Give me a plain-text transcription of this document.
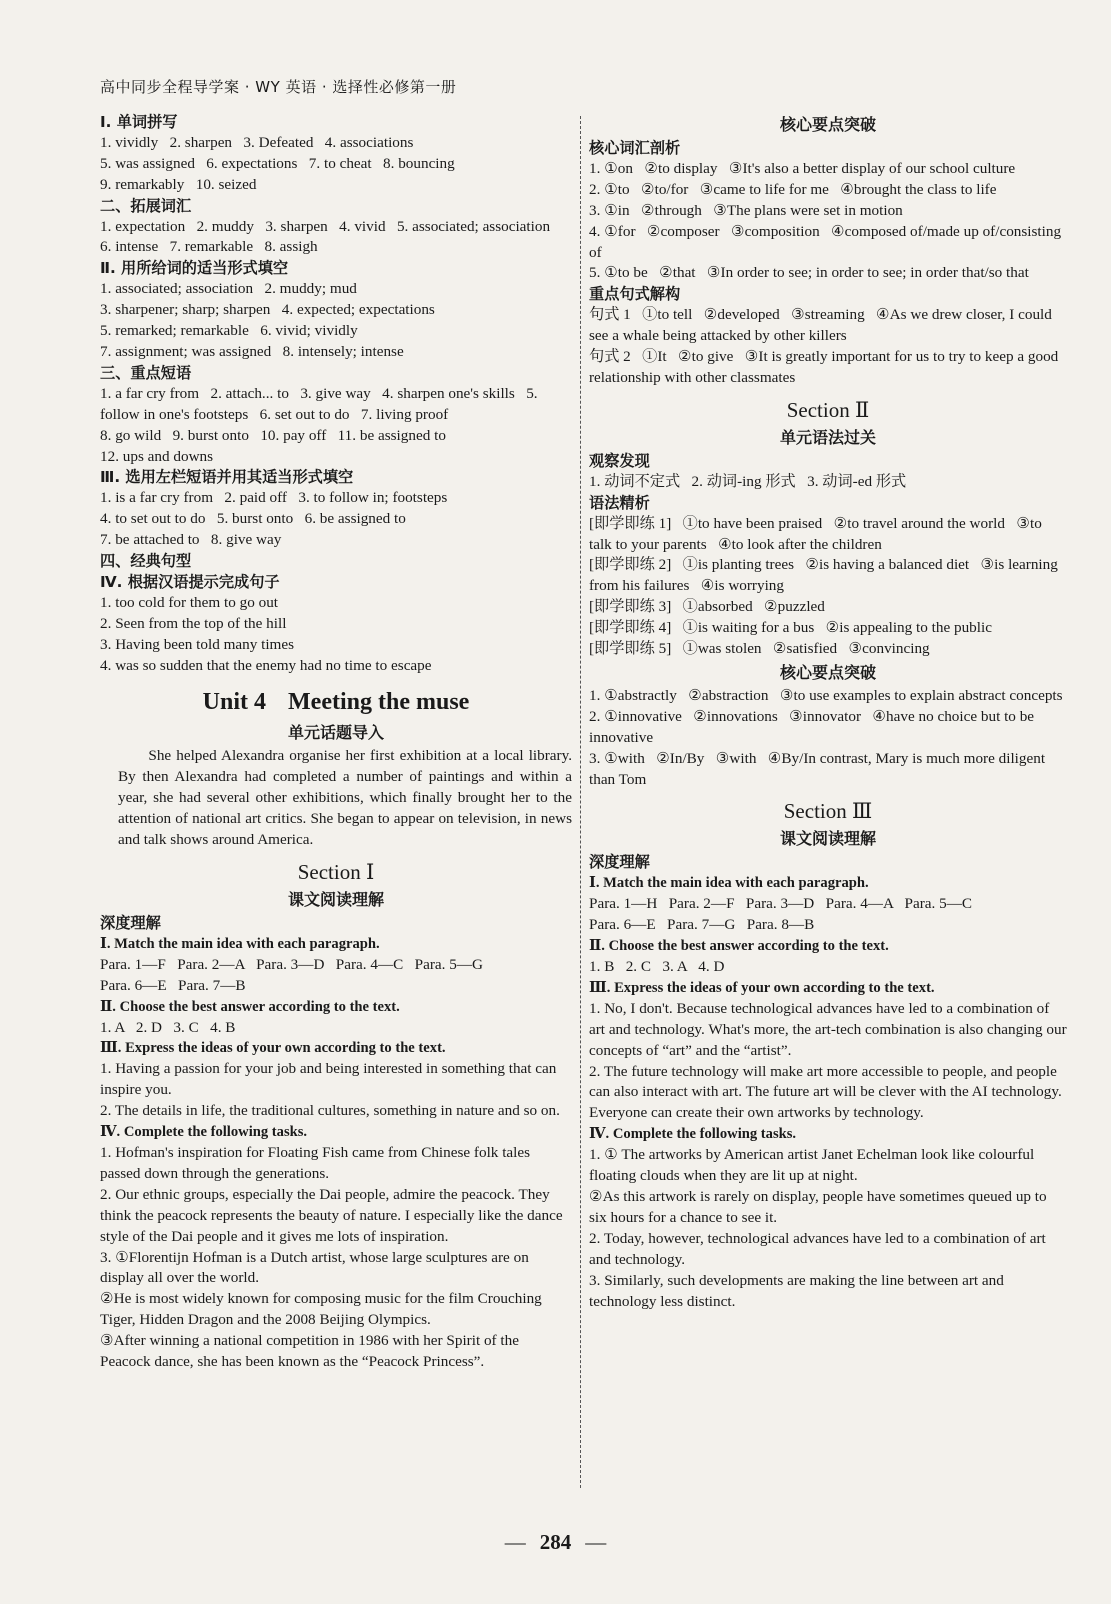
高中同步全程导学案 · WY 英语 · 选择性必修第一册
Ⅰ. 单词拼写
1. vividly   2. sharpen   3. Defeated   4. associations
5. was assigned   6. expectations   7. to cheat   8. bouncing
9. remarkably   10. seized
二、拓展词汇
1. expectation   2. muddy   3. sharpen   4. vivid   5. associated; association   6. intense   7. remarkable   8. assigh
Ⅱ. 用所给词的适当形式填空
1. associated; association   2. muddy; mud
3. sharpener; sharp; sharpen   4. expected; expectations
5. remarked; remarkable   6. vivid; vividly
7. assignment; was assigned   8. intensely; intense
三、重点短语
1. a far cry from   2. attach... to   3. give way   4. sharpen one's skills   5. follow in one's footsteps   6. set out to do   7. living proof
8. go wild   9. burst onto   10. pay off   11. be assigned to
12. ups and downs
Ⅲ. 选用左栏短语并用其适当形式填空
1. is a far cry from   2. paid off   3. to follow in; footsteps
4. to set out to do   5. burst onto   6. be assigned to
7. be attached to   8. give way
四、经典句型
Ⅳ. 根据汉语提示完成句子
1. too cold for them to go out
2. Seen from the top of the hill
3. Having been told many times
4. was so sudden that the enemy had no time to escape
Unit 4 Meeting the muse
单元话题导入
She helped Alexandra organise her first exhibition at a local library. By then Alexandra had completed a number of paintings and within a year, she had several other exhibitions, which finally brought her to the attention of national art critics. She began to appear on television, in news and talk shows around America.
Section Ⅰ
课文阅读理解
深度理解
Ⅰ. Match the main idea with each paragraph.
Para. 1—F   Para. 2—A   Para. 3—D   Para. 4—C   Para. 5—G
Para. 6—E   Para. 7—B
Ⅱ. Choose the best answer according to the text.
1. A   2. D   3. C   4. B
Ⅲ. Express the ideas of your own according to the text.
1. Having a passion for your job and being interested in something that can inspire you.
2. The details in life, the traditional cultures, something in nature and so on.
Ⅳ. Complete the following tasks.
1. Hofman's inspiration for Floating Fish came from Chinese folk tales passed down through the generations.
2. Our ethnic groups, especially the Dai people, admire the peacock. They think the peacock represents the beauty of nature. I especially like the dance style of the Dai people and it gives me lots of inspiration.
3. ①Florentijn Hofman is a Dutch artist, whose large sculptures are on display all over the world.
②He is most widely known for composing music for the film Crouching Tiger, Hidden Dragon and the 2008 Beijing Olympics.
③After winning a national competition in 1986 with her Spirit of the Peacock dance, she has been known as the “Peacock Princess”.
核心要点突破
核心词汇剖析
1. ①on   ②to display   ③It's also a better display of our school culture
2. ①to   ②to/for   ③came to life for me   ④brought the class to life
3. ①in   ②through   ③The plans were set in motion
4. ①for   ②composer   ③composition   ④composed of/made up of/consisting of
5. ①to be   ②that   ③In order to see; in order to see; in order that/so that
重点句式解构
句式 1   ①to tell   ②developed   ③streaming   ④As we drew closer, I could see a whale being attacked by other killers
句式 2   ①It   ②to give   ③It is greatly important for us to try to keep a good relationship with other classmates
Section Ⅱ
单元语法过关
观察发现
1. 动词不定式   2. 动词-ing 形式   3. 动词-ed 形式
语法精析
[即学即练 1]   ①to have been praised   ②to travel around the world   ③to talk to your parents   ④to look after the children
[即学即练 2]   ①is planting trees   ②is having a balanced diet   ③is learning from his failures   ④is worrying
[即学即练 3]   ①absorbed   ②puzzled
[即学即练 4]   ①is waiting for a bus   ②is appealing to the public
[即学即练 5]   ①was stolen   ②satisfied   ③convincing
核心要点突破
1. ①abstractly   ②abstraction   ③to use examples to explain abstract concepts
2. ①innovative   ②innovations   ③innovator   ④have no choice but to be innovative
3. ①with   ②In/By   ③with   ④By/In contrast, Mary is much more diligent than Tom
Section Ⅲ
课文阅读理解
深度理解
Ⅰ. Match the main idea with each paragraph.
Para. 1—H   Para. 2—F   Para. 3—D   Para. 4—A   Para. 5—C
Para. 6—E   Para. 7—G   Para. 8—B
Ⅱ. Choose the best answer according to the text.
1. B   2. C   3. A   4. D
Ⅲ. Express the ideas of your own according to the text.
1. No, I don't. Because technological advances have led to a combination of art and technology. What's more, the art-tech combination is also changing our concepts of “art” and the “artist”.
2. The future technology will make art more accessible to people, and people can also interact with art. The future art will be clever with the AI technology. Everyone can create their own artworks by technology.
Ⅳ. Complete the following tasks.
1. ① The artworks by American artist Janet Echelman look like colourful floating clouds when they are lit up at night.
②As this artwork is rarely on display, people have sometimes queued up to six hours for a chance to see it.
2. Today, however, technological advances have led to a combination of art and technology.
3. Similarly, such developments are making the line between art and technology less distinct.
— 284 —
